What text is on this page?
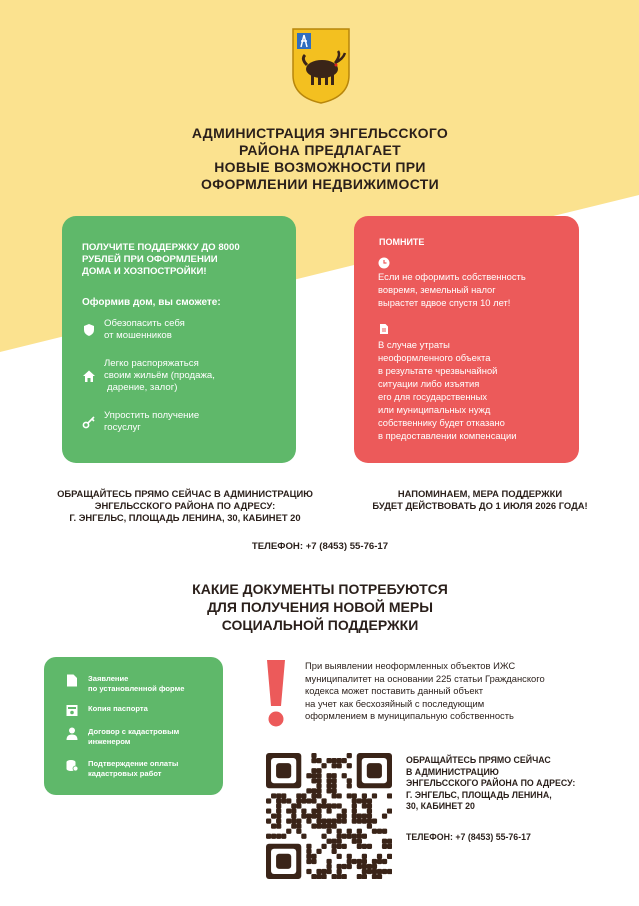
АДМИНИСТРАЦИЯ ЭНГЕЛЬССКОГО
РАЙОНА ПРЕДЛАГАЕТ
НОВЫЕ ВОЗМОЖНОСТИ ПРИ
ОФОРМЛЕНИИ НЕДВИЖИМОСТИ
ПОЛУЧИТЕ ПОДДЕРЖКУ ДО 8000
РУБЛЕЙ ПРИ ОФОРМЛЕНИИ
ДОМА И ХОЗПОСТРОЙКИ!
Оформив дом, вы сможете:
Обезопасить себя
от мошенников
Легко распоряжаться
своим жильём (продажа,
дарение, залог)
Упростить получение
госуслуг
ПОМНИТЕ
Если не оформить собственность
вовремя, земельный налог
вырастет вдвое спустя 10 лет!
В случае утраты
неоформленного объекта
в результате чрезвычайной
ситуации либо изъятия
его для государственных
или муниципальных нужд
собственнику будет отказано
в предоставлении компенсации
ОБРАЩАЙТЕСЬ ПРЯМО СЕЙЧАС В АДМИНИСТРАЦИЮ
ЭНГЕЛЬССКОГО РАЙОНА ПО АДРЕСУ:
Г. ЭНГЕЛЬС, ПЛОЩАДЬ ЛЕНИНА, 30, КАБИНЕТ 20
НАПОМИНАЕМ, МЕРА ПОДДЕРЖКИ
БУДЕТ ДЕЙСТВОВАТЬ ДО 1 ИЮЛЯ 2026 ГОДА!
ТЕЛЕФОН: +7 (8453) 55-76-17
КАКИЕ ДОКУМЕНТЫ ПОТРЕБУЮТСЯ
ДЛЯ ПОЛУЧЕНИЯ НОВОЙ МЕРЫ
СОЦИАЛЬНОЙ ПОДДЕРЖКИ
Заявление
по установленной форме
Копия паспорта
Договор с кадастровым
инженером
Подтверждение оплаты
кадастровых работ
При выявлении неоформленных объектов ИЖС
муниципалитет на основании 225 статьи Гражданского
кодекса может поставить данный объект
на учет как бесхозяйный с последующим
оформлением в муниципальную собственность
ОБРАЩАЙТЕСЬ ПРЯМО СЕЙЧАС
В АДМИНИСТРАЦИЮ
ЭНГЕЛЬССКОГО РАЙОНА ПО АДРЕСУ:
Г. ЭНГЕЛЬС, ПЛОЩАДЬ ЛЕНИНА,
30, КАБИНЕТ 20
ТЕЛЕФОН: +7 (8453) 55-76-17
